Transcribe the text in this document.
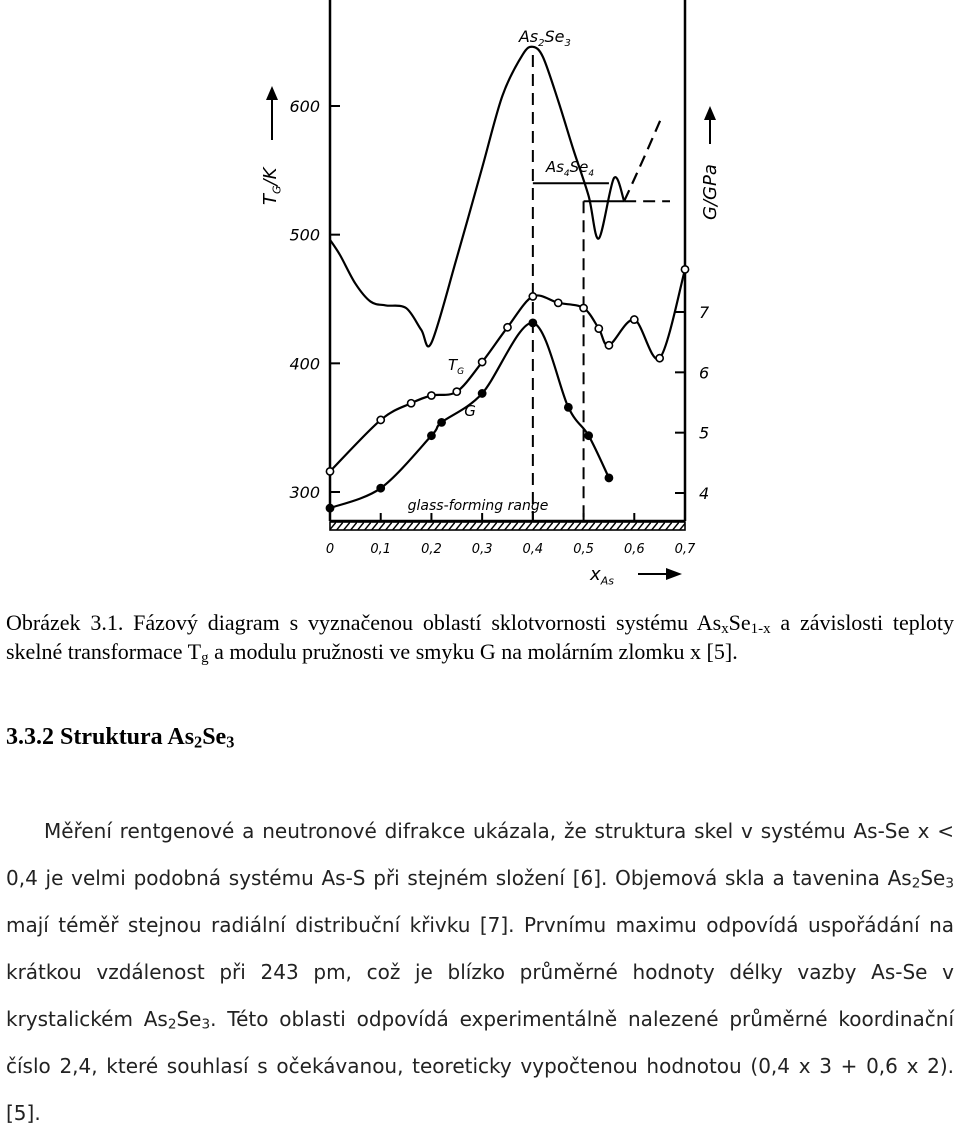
0	0,1 0,2 0,3 0,4 0,5 0,6 0,7
300
400
500
600
4
5
6
7
$T_G/K$	G/GPa
$x_{As}$
$As_2Se_3$
$As_4Se_4$
glass-forming range
$T_G$
G
Obrázek 3.1. Fázový diagram s vyznačenou oblastí sklotvornosti systému $As_xSe_{1-x}$ a závislosti teploty skelné transformace $T_g$ a modulu pružnosti ve smyku G na molárním zlomku x [5].
3.3.2 Struktura $As_2Se_3$

Měření rentgenové a neutronové difrakce ukázala, že struktura skel v systému As-Se x < 0,4 je velmi podobná systému As-S při stejném složení [6]. Objemová skla a tavenina $As_2Se_3$ mají téměř stejnou radiální distribuční křivku [7]. Prvnímu maximu odpovídá uspořádání na krátkou vzdálenost při 243 pm, což je blízko průměrné hodnoty délky vazby As-Se v krystalickém $As_2Se_3$. Této oblasti odpovídá experimentálně nalezené průměrné koordinační číslo 2,4, které souhlasí s očekávanou, teoreticky vypočtenou hodnotou (0,4 x 3 + 0,6 x 2). [5].
